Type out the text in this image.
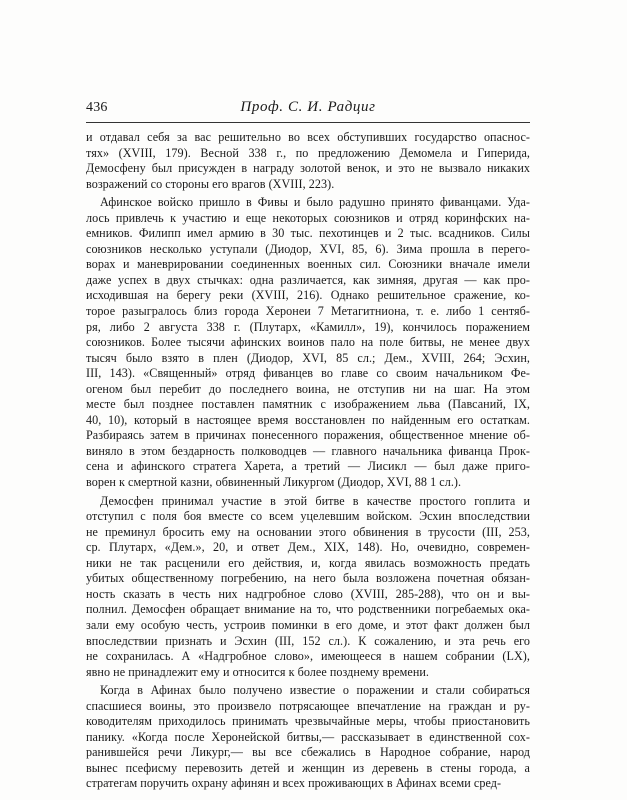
436	Проф. С. И. Радциг

и отдавал себя за вас решительно во всех обступивших государство опаснос-

тях» (XVIII, 179). Весной 338 г., по предложению Демомела и Гиперида,

Демосфену был присужден в награду золотой венок, и это не вызвало никаких

возражений со стороны его врагов (XVIII, 223).

Афинское войско пришло в Фивы и было радушно принято фиванцами. Уда-

лось привлечь к участию и еще некоторых союзников и отряд коринфских на-

емников. Филипп имел армию в 30 тыс. пехотинцев и 2 тыс. всадников. Силы

союзников несколько уступали (Диодор, XVI, 85, 6). Зима прошла в перего-

ворах и маневрировании соединенных военных сил. Союзники вначале имели

даже успех в двух стычках: одна различается, как зимняя, другая — как про-

исходившая на берегу реки (XVIII, 216). Однако решительное сражение, ко-

торое разыгралось близ города Херонеи 7 Метагитниона, т. е. либо 1 сентяб-

ря, либо 2 августа 338 г. (Плутарх, «Камилл», 19), кончилось поражением

союзников. Более тысячи афинских воинов пало на поле битвы, не менее двух

тысяч было взято в плен (Диодор, XVI, 85 сл.; Дем., XVIII, 264; Эсхин,

III, 143). «Священный» отряд фиванцев во главе со своим начальником Фе-

огеном был перебит до последнего воина, не отступив ни на шаг. На этом

месте был позднее поставлен памятник с изображением льва (Павсаний, IX,

40, 10), который в настоящее время восстановлен по найденным его остаткам.

Разбираясь затем в причинах понесенного поражения, общественное мнение об-

виняло в этом бездарность полководцев — главного начальника фиванца Прок-

сена и афинского стратега Харета, а третий — Лисикл — был даже пригo-

ворен к смертной казни, обвиненный Ликургом (Диодор, XVI, 88 1 сл.).

Демосфен принимал участие в этой битве в качестве простого гоплита и

отступил с поля боя вместе со всем уцелевшим войском. Эсхин впоследствии

не преминул бросить ему на основании этого обвинения в трусости (III, 253,

ср. Плутарх, «Дем.», 20, и ответ Дем., XIX, 148). Но, очевидно, современ-

ники не так расценили его действия, и, когда явилась возможность предать

убитых общественному погребению, на него была возложена почетная обязан-

ность сказать в честь них надгробное слово (XVIII, 285-288), что он и вы-

полнил. Демосфен обращает внимание на то, что родственники погребаемых ока-

зали ему особую честь, устроив поминки в его доме, и этот факт должен был

впоследствии признать и Эсхин (III, 152 сл.). К сожалению, и эта речь его

не сохранилась. А «Надгробное слово», имеющееся в нашем собрании (LX),

явно не принадлежит ему и относится к более позднему времени.

Когда в Афинах было получено известие о поражении и стали собираться

спасшиеся воины, это произвело потрясающее впечатление на граждан и ру-

ководителям приходилось принимать чрезвычайные меры, чтобы приостановить

панику. «Когда после Херонейской битвы,— рассказывает в единственной сох-

ранившейся речи Ликург,— вы все сбежались в Народное собрание, народ

вынес псефисму перевозить детей и женщин из деревень в стены города, а

стратегам поручить охрану афинян и всех проживающих в Афинах всеми сред-
